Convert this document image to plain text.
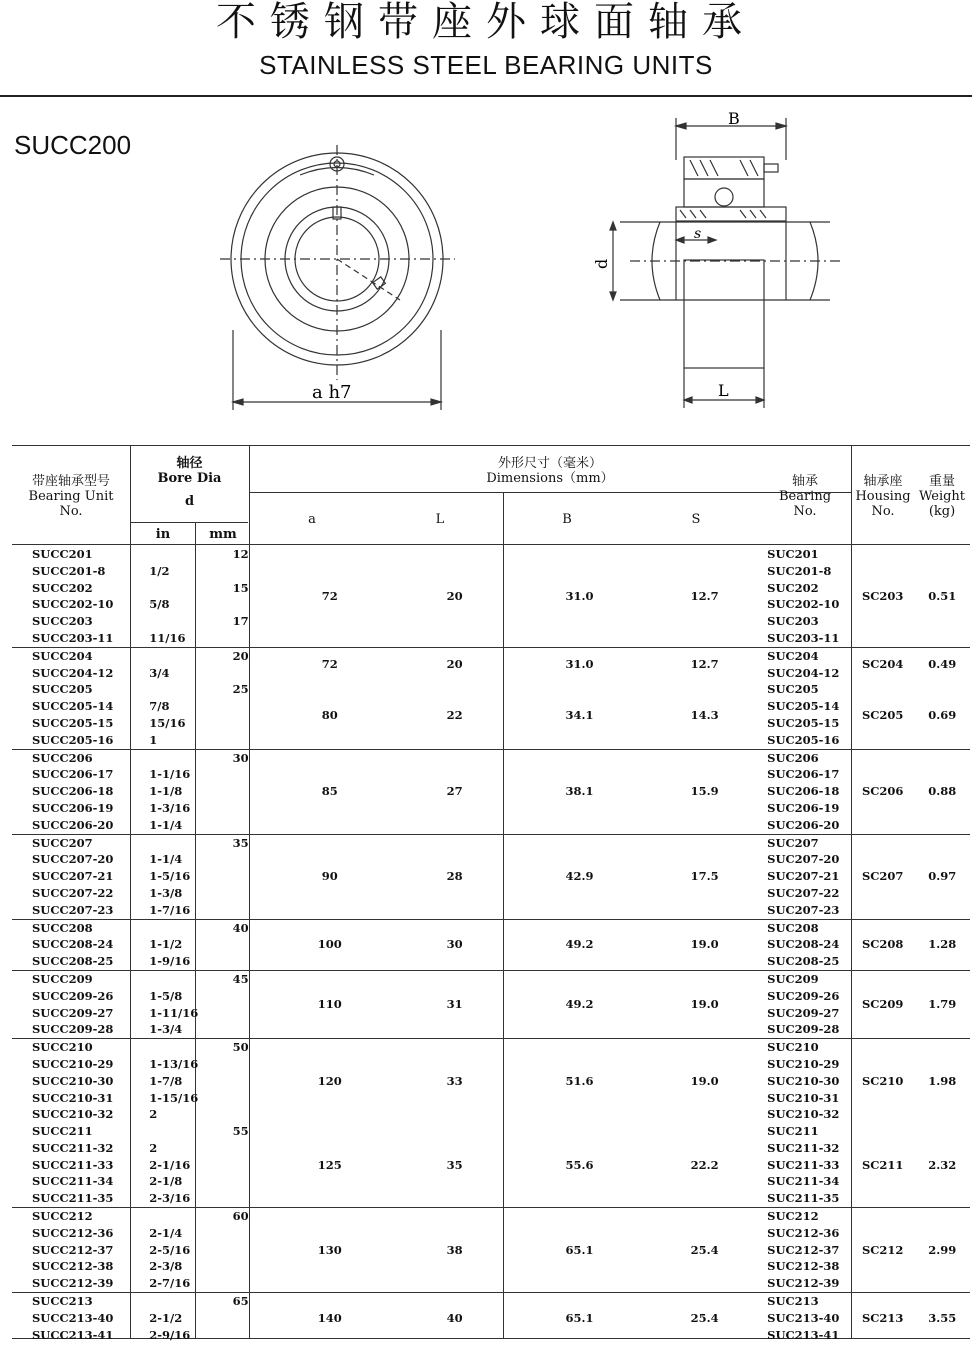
不锈钢带座外球面轴承
STAINLESS STEEL BEARING UNITS
SUCC200
a h7
B
s
d
L
带座轴承型号
Bearing Unit
No.
轴径
Bore Dia
d
in	mm
外形尺寸（毫米）
Dimensions（mm）
a	L	B	S
轴承
Bearing
No.
轴承座
Housing
No.
重量
Weight
(kg)
SUCC201		12	72	20	31.0	12.7	SUC201	SC203	0.51
SUCC201-8	1/2						SUC201-8		
SUCC202		15					SUC202		
SUCC202-10	5/8						SUC202-10		
SUCC203		17					SUC203		
SUCC203-11	11/16						SUC203-11		
SUCC204		20	72	20	31.0	12.7	SUC204	SC204	0.49
SUCC204-12	3/4						SUC204-12		
SUCC205		25	80	22	34.1	14.3	SUC205	SC205	0.69
SUCC205-14	7/8						SUC205-14		
SUCC205-15	15/16						SUC205-15		
SUCC205-16	1						SUC205-16		
SUCC206		30	85	27	38.1	15.9	SUC206	SC206	0.88
SUCC206-17	1-1/16						SUC206-17		
SUCC206-18	1-1/8						SUC206-18		
SUCC206-19	1-3/16						SUC206-19		
SUCC206-20	1-1/4						SUC206-20		
SUCC207		35	90	28	42.9	17.5	SUC207	SC207	0.97
SUCC207-20	1-1/4						SUC207-20		
SUCC207-21	1-5/16						SUC207-21		
SUCC207-22	1-3/8						SUC207-22		
SUCC207-23	1-7/16						SUC207-23		
SUCC208		40	100	30	49.2	19.0	SUC208	SC208	1.28
SUCC208-24	1-1/2						SUC208-24		
SUCC208-25	1-9/16						SUC208-25		
SUCC209		45	110	31	49.2	19.0	SUC209	SC209	1.79
SUCC209-26	1-5/8						SUC209-26		
SUCC209-27	1-11/16						SUC209-27		
SUCC209-28	1-3/4						SUC209-28		
SUCC210		50	120	33	51.6	19.0	SUC210	SC210	1.98
SUCC210-29	1-13/16						SUC210-29		
SUCC210-30	1-7/8						SUC210-30		
SUCC210-31	1-15/16						SUC210-31		
SUCC210-32	2						SUC210-32		
SUCC211		55	125	35	55.6	22.2	SUC211	SC211	2.32
SUCC211-32	2						SUC211-32		
SUCC211-33	2-1/16						SUC211-33		
SUCC211-34	2-1/8						SUC211-34		
SUCC211-35	2-3/16						SUC211-35		
SUCC212		60	130	38	65.1	25.4	SUC212	SC212	2.99
SUCC212-36	2-1/4						SUC212-36		
SUCC212-37	2-5/16						SUC212-37		
SUCC212-38	2-3/8						SUC212-38		
SUCC212-39	2-7/16						SUC212-39		
SUCC213		65	140	40	65.1	25.4	SUC213	SC213	3.55
SUCC213-40	2-1/2						SUC213-40		
SUCC213-41	2-9/16						SUC213-41		
